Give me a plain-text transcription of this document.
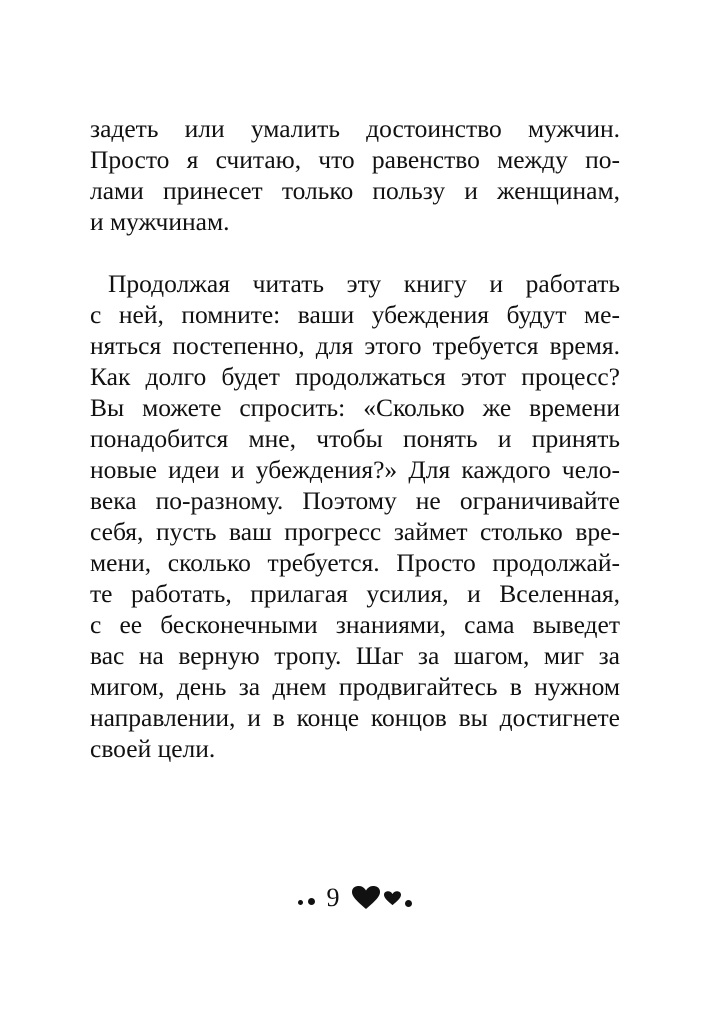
задеть или умалить достоинство мужчин.
Просто я считаю, что равенство между по-
лами принесет только пользу и женщинам,
и мужчинам.
Продолжая читать эту книгу и работать
с ней, помните: ваши убеждения будут ме-
няться постепенно, для этого требуется время.
Как долго будет продолжаться этот процесс?
Вы можете спросить: «Сколько же времени
понадобится мне, чтобы понять и принять
новые идеи и убеждения?» Для каждого чело-
века по-разному. Поэтому не ограничивайте
себя, пусть ваш прогресс займет столько вре-
мени, сколько требуется. Просто продолжай-
те работать, прилагая усилия, и Вселенная,
с ее бесконечными знаниями, сама выведет
вас на верную тропу. Шаг за шагом, миг за
мигом, день за днем продвигайтесь в нужном
направлении, и в конце концов вы достигнете
своей цели.
9
